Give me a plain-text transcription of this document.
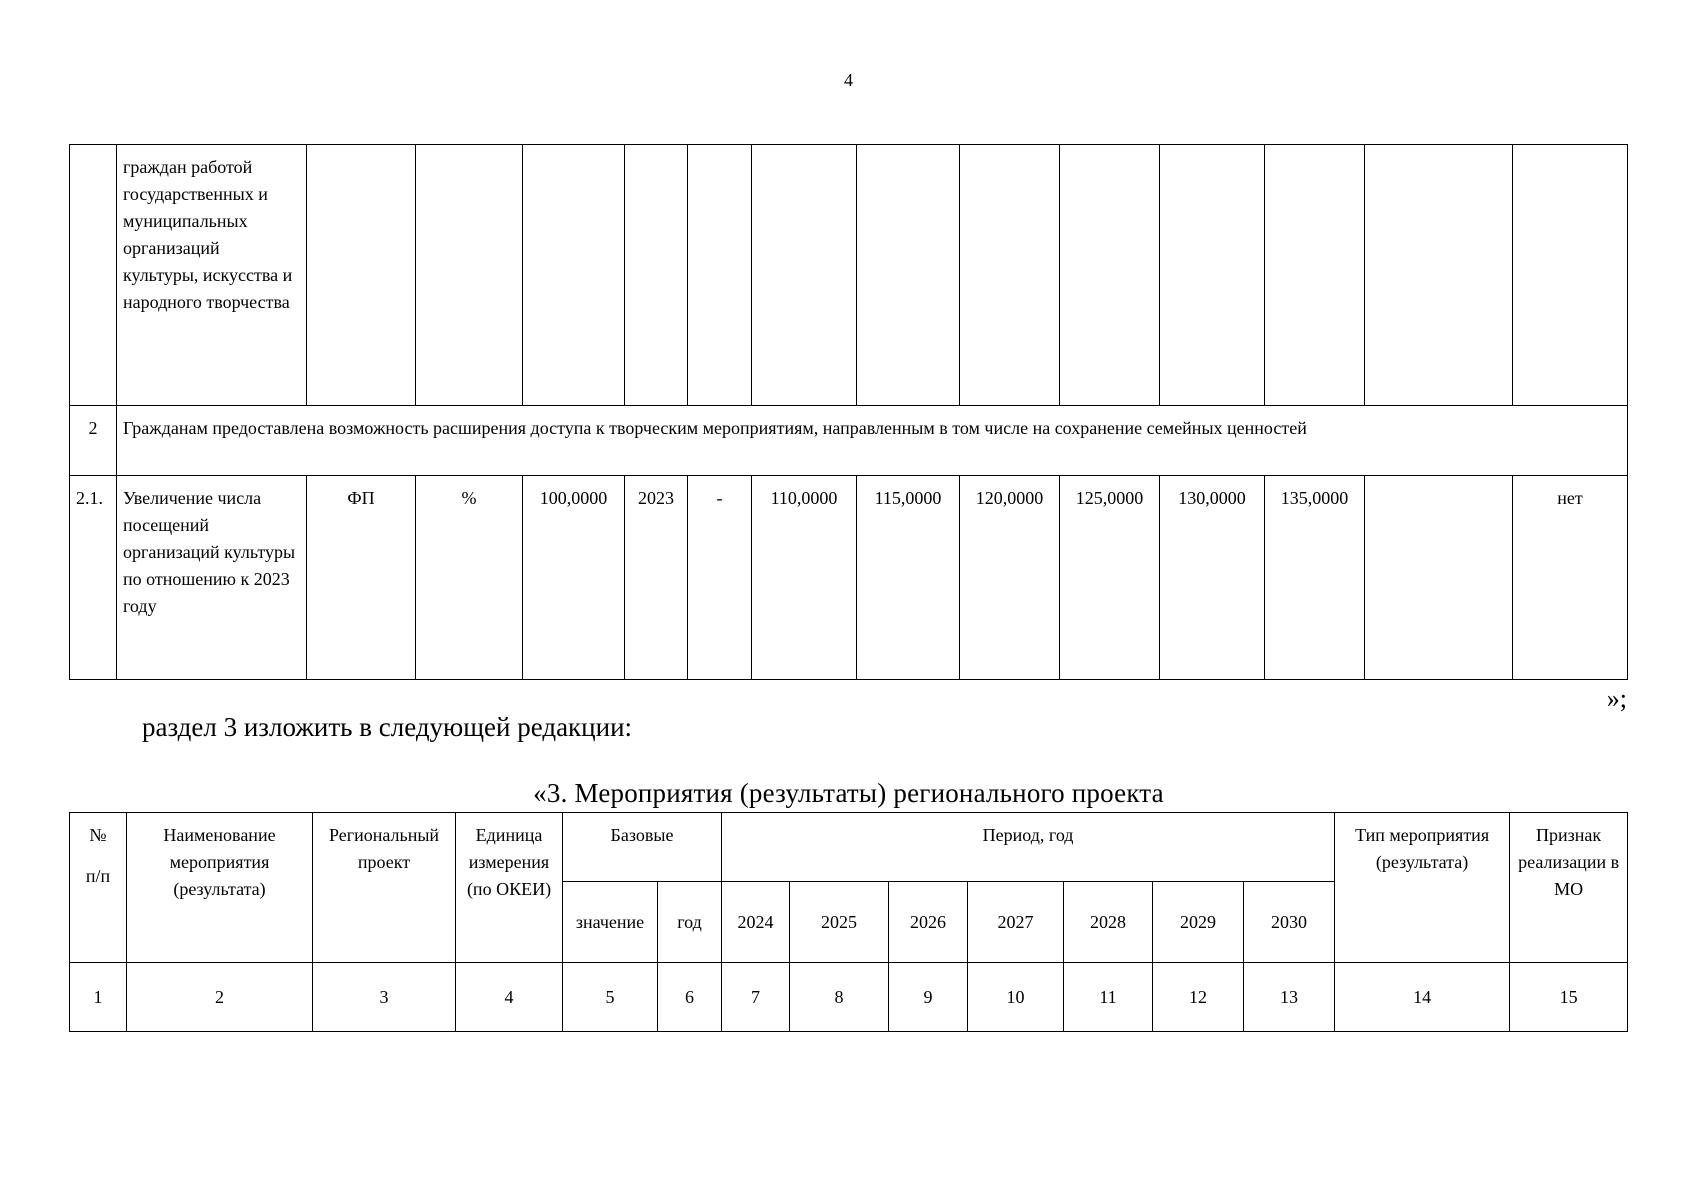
4
	граждан работой государственных и муниципальных организаций культуры, искусства и народного творчества													
2	Гражданам предоставлена возможность расширения доступа к творческим мероприятиям, направленным в том числе на сохранение семейных ценностей													
2.1.	Увеличение числа посещений организаций культуры по отношению к 2023 году	ФП	%	100,0000	2023	-	110,0000	115,0000	120,0000	125,0000	130,0000	135,0000		нет
»;
раздел 3 изложить в следующей редакции:
«3. Мероприятия (результаты) регионального проекта
№
п/п	Наименование мероприятия (результата)	Региональный проект	Единица измерения (по ОКЕИ)	Базовые		Период, год							Тип мероприятия (результата)	Признак реализации в МО
				значение	год	2024	2025	2026	2027	2028	2029	2030		
1	2	3	4	5	6	7	8	9	10	11	12	13	14	15
